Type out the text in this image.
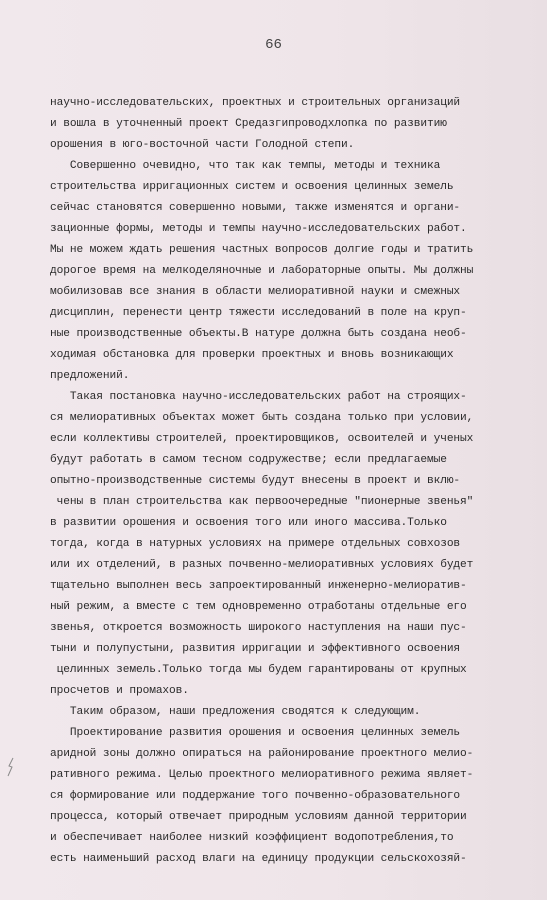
66
научно-исследовательских, проектных и строительных организаций
и вошла в уточненный проект Средазгипроводхлопка по развитию
орошения в юго-восточной части Голодной степи.
Совершенно очевидно, что так как темпы, методы и техника
строительства ирригационных систем и освоения целинных земель
сейчас становятся совершенно новыми, также изменятся и органи-
зационные формы, методы и темпы научно-исследовательских работ.
Мы не можем ждать решения частных вопросов долгие годы и тратить
дорогое время на мелкоделяночные и лабораторные опыты. Мы должны
мобилизовав все знания в области мелиоративной науки и смежных
дисциплин, перенести центр тяжести исследований в поле на круп-
ные производственные объекты.В натуре должна быть создана необ-
ходимая обстановка для проверки проектных и вновь возникающих
предложений.
Такая постановка научно-исследовательских работ на строящих-
ся мелиоративных объектах может быть создана только при условии,
если коллективы строителей, проектировщиков, освоителей и ученых
будут работать в самом тесном содружестве; если предлагаемые
опытно-производственные системы будут внесены в проект и вклю-
чены в план строительства как первоочередные "пионерные звенья"
в развитии орошения и освоения того или иного массива.Только
тогда, когда в натурных условиях на примере отдельных совхозов
или их отделений, в разных почвенно-мелиоративных условиях будет
тщательно выполнен весь запроектированный инженерно-мелиоратив-
ный режим, а вместе с тем одновременно отработаны отдельные его
звенья, откроется возможность широкого наступления на наши пус-
тыни и полупустыни, развития ирригации и эффективного освоения
целинных земель.Только тогда мы будем гарантированы от крупных
просчетов и промахов.
Таким образом, наши предложения сводятся к следующим.
Проектирование развития орошения и освоения целинных земель
аридной зоны должно опираться на районирование проектного мелио-
ративного режима. Целью проектного мелиоративного режима являет-
ся формирование или поддержание того почвенно-образовательного
процесса, который отвечает природным условиям данной территории
и обеспечивает наиболее низкий коэффициент водопотребления,то
есть наименьший расход влаги на единицу продукции сельскохозяй-
